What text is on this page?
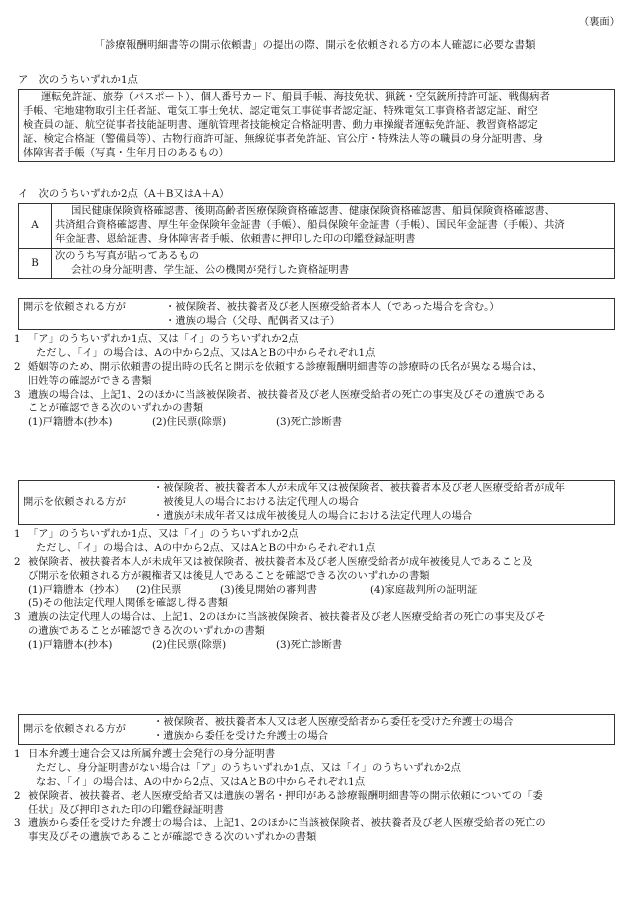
（裏面）
「診療報酬明細書等の開示依頼書」の提出の際、開示を依頼される方の本人確認に必要な書類
ア　次のうちいずれか1点
運転免許証、旅券（パスポート）、個人番号カード、船員手帳、海技免状、猟銃・空気銃所持許可証、戦傷病者
手帳、宅地建物取引主任者証、電気工事士免状、認定電気工事従事者認定証、特殊電気工事資格者認定証、耐空
検査員の証、航空従事者技能証明書、運航管理者技能検定合格証明書、動力車操縦者運転免許証、教習資格認定
証、検定合格証（警備員等）、古物行商許可証、無線従事者免許証、官公庁・特殊法人等の職員の身分証明書、身
体障害者手帳（写真・生年月日のあるもの）
イ　次のうちいずれか2点（A＋B又はA＋A）
A	国民健康保険資格確認書、後期高齢者医療保険資格確認書、健康保険資格確認書、船員保険資格確認書、
共済組合資格確認書、厚生年金保険年金証書（手帳）、船員保険年金証書（手帳）、国民年金証書（手帳）、共済
年金証書、恩給証書、身体障害者手帳、依頼書に押印した印の印鑑登録証明書

B	次のうち写真が貼ってあるもの
会社の身分証明書、学生証、公の機関が発行した資格証明書
開示を依頼される方が	・被保険者、被扶養者及び老人医療受給者本人（であった場合を含む。）
・遺族の場合（父母、配偶者又は子）
1 「ア」のうちいずれか1点、又は「イ」のうちいずれか2点
ただし、「イ」の場合は、Aの中から2点、又はAとBの中からそれぞれ1点
2 婚姻等のため、開示依頼書の提出時の氏名と開示を依頼する診療報酬明細書等の診療時の氏名が異なる場合は、
旧姓等の確認ができる書類
3 遺族の場合は、上記1、2のほかに当該被保険者、被扶養者及び老人医療受給者の死亡の事実及びその遺族である
ことが確認できる次のいずれかの書類
(1)戸籍謄本(抄本)	(2)住民票(除票)	(3)死亡診断書
開示を依頼される方が
・被保険者、被扶養者本人が未成年又は被保険者、被扶養者本及び老人医療受給者が成年
　被後見人の場合における法定代理人の場合
・遺族が未成年者又は成年被後見人の場合における法定代理人の場合
1 「ア」のうちいずれか1点、又は「イ」のうちいずれか2点
ただし、「イ」の場合は、Aの中から2点、又はAとBの中からそれぞれ1点
2 被保険者、被扶養者本人が未成年又は被保険者、被扶養者本及び老人医療受給者が成年被後見人であること及
び開示を依頼される方が親権者又は後見人であることを確認できる次のいずれかの書類
(1)戸籍謄本（抄本） (2)住民票	(3)後見開始の審判書	(4)家庭裁判所の証明証
(5)その他法定代理人関係を確認し得る書類
3 遺族の法定代理人の場合は、上記1、2のほかに当該被保険者、被扶養者及び老人医療受給者の死亡の事実及びそ
の遺族であることが確認できる次のいずれかの書類
(1)戸籍謄本(抄本)	(2)住民票(除票)	(3)死亡診断書
開示を依頼される方が
・被保険者、被扶養者本人又は老人医療受給者から委任を受けた弁護士の場合
・遺族から委任を受けた弁護士の場合
1 日本弁護士連合会又は所属弁護士会発行の身分証明書
ただし、身分証明書がない場合は「ア」のうちいずれか1点、又は「イ」のうちいずれか2点
なお、「イ」の場合は、Aの中から2点、又はAとBの中からそれぞれ1点
2 被保険者、被扶養者、老人医療受給者又は遺族の署名・押印がある診療報酬明細書等の開示依頼についての「委
任状」及び押印された印の印鑑登録証明書
3 遺族から委任を受けた弁護士の場合は、上記1、2のほかに当該被保険者、被扶養者及び老人医療受給者の死亡の
事実及びその遺族であることが確認できる次のいずれかの書類
